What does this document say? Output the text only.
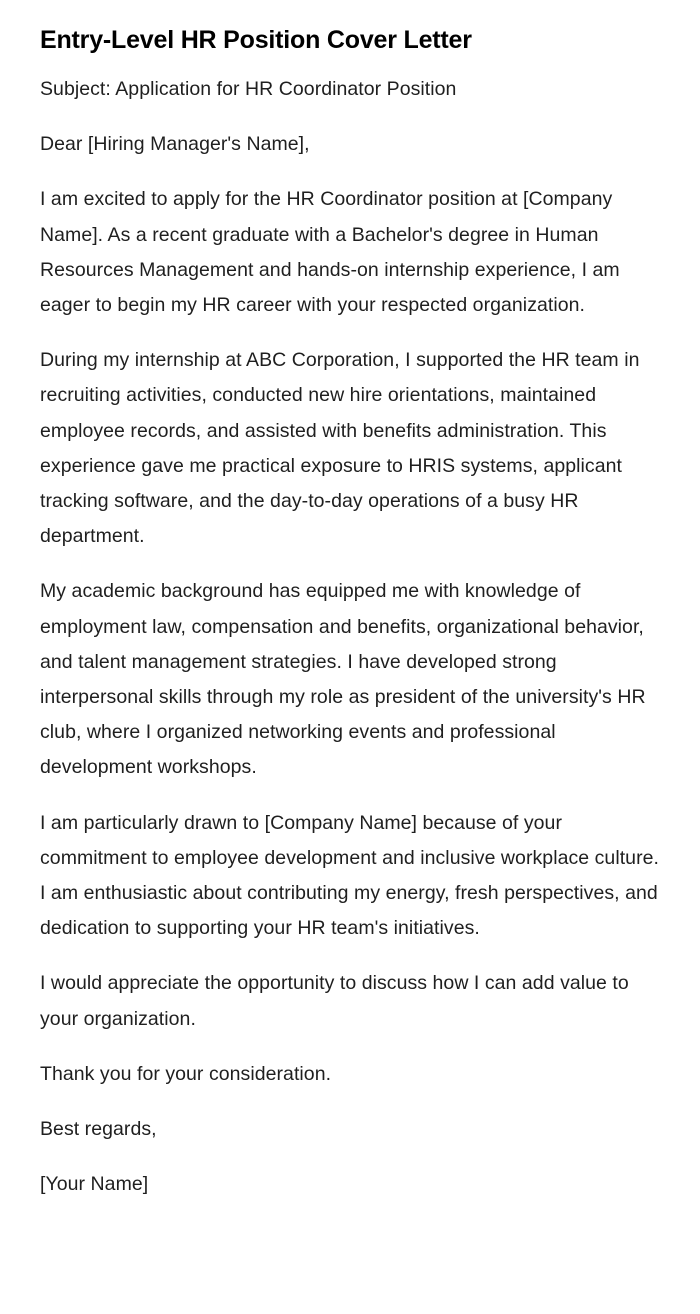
Entry-Level HR Position Cover Letter

Subject: Application for HR Coordinator Position

Dear [Hiring Manager's Name],

I am excited to apply for the HR Coordinator position at [Company Name]. As a recent graduate with a Bachelor's degree in Human Resources Management and hands-on internship experience, I am eager to begin my HR career with your respected organization.

During my internship at ABC Corporation, I supported the HR team in recruiting activities, conducted new hire orientations, maintained employee records, and assisted with benefits administration. This experience gave me practical exposure to HRIS systems, applicant tracking software, and the day-to-day operations of a busy HR department.

My academic background has equipped me with knowledge of employment law, compensation and benefits, organizational behavior, and talent management strategies. I have developed strong interpersonal skills through my role as president of the university's HR club, where I organized networking events and professional development workshops.

I am particularly drawn to [Company Name] because of your commitment to employee development and inclusive workplace culture. I am enthusiastic about contributing my energy, fresh perspectives, and dedication to supporting your HR team's initiatives.

I would appreciate the opportunity to discuss how I can add value to your organization.

Thank you for your consideration.

Best regards,

[Your Name]
